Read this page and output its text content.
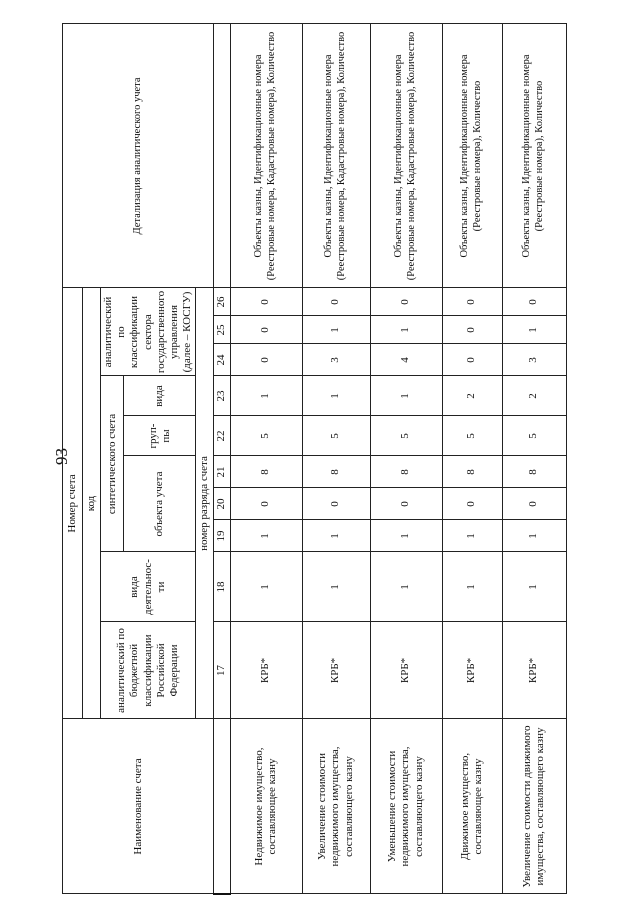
93
Наименование счета	Номер счета										Детализация аналитического учета
	код										
	аналитический по бюджетной классификации Российской Федерации	вида деятельнос-ти	синтетического счета					аналитический по классификации сектора государственного управления (далее – КОСГУ)			
			объекта учета			груп-пы	вида				
	номер разряда счета										
	17	18	19	20	21	22	23	24	25	26	
Недвижимое имущество, составляющее казну	КРБ*	1	1	0	8	5	1	0	0	0	Объекты казны, Идентификационные номера (Реестровые номера, Кадастровые номера), Количество
Увеличение стоимости недвижимого имущества, составляющего казну	КРБ*	1	1	0	8	5	1	3	1	0	Объекты казны, Идентификационные номера (Реестровые номера, Кадастровые номера), Количество
Уменьшение стоимости недвижимого имущества, составляющего казну	КРБ*	1	1	0	8	5	1	4	1	0	Объекты казны, Идентификационные номера (Реестровые номера, Кадастровые номера), Количество
Движимое имущество, составляющее казну	КРБ*	1	1	0	8	5	2	0	0	0	Объекты казны, Идентификационные номера (Реестровые номера), Количество
Увеличение стоимости движимого имущества, составляющего казну	КРБ*	1	1	0	8	5	2	3	1	0	Объекты казны, Идентификационные номера (Реестровые номера), Количество
